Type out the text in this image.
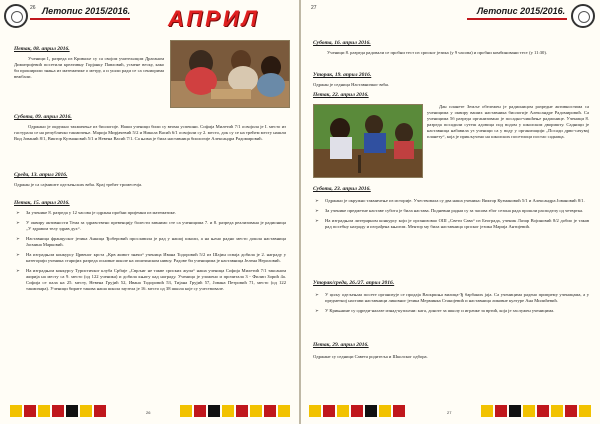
26 Летопис 2015/2016. АПРИЛ
Петак, 08. април 2016.
Ученици I₁ разреда из Криваље су са својом учитељицом Драганом Димитријевић посетили креативну Горјанку Павловић, усмене веску, како би проширили знања из математике о метру, а и ушли ради се са сениорима вежбали.
Субота, 09. април 2016.
Одржано је окружно такмичење из биологије. Наши ученици били су веома успешни. Софија Милетић 7/1 освојила је I. место из гастурала се на републичко такмичење. Марија Мирјачевић 5/2 и Никола Васић 6/1 освојили су 2. место, док су се на трећем месту нашли Вид Јованић 8/1, Виктор Кузмановић 5/1 и Невена Васић 7/1. Са њима је била наставница биологије Александра Радомировић.
Среда, 13. април 2016.
Одржан је са сајмиште одељењских већа. Крај трећег тромесечја.
Петак, 15. април 2016.
➢ За ученике 8. разреда у 12 часова је одржан пробни пријемни из математике.
➢ У оквиру активности Тема за здравствено превенцију болести завнимо сте са ученицима 7. и 8. разреда реализована је радионица „У здравом телу здрав дух“.
➢ Наставница француског језика Анкица Ђоберовић прославила је рад у нашој школи, а на њено радно место дошла наставница Јасмина Марковић.
➢ На изградњом конкурсу Црвеног крста „Крв живот значи“ ученица Ивана Тодоровић 5/2 из Шајин осваја добила је 2. награду у категорији ученика старијих разреда основне школе на општинском нивоу. Радове би ученицима је наставница Јелена Нероловић.
➢ На изградњом конкурсу Туристичког клуба Србије „Сврљиг не такве српских жупа“ наша ученица Софија Милетић 7/1 таксаном жирија на месту са 9. место (од 122 ученика) и добила књигу кад награду. Ученица је уложено и прочитала 3 - Филип Зорић 4а. Софија се пала на 25. месту, Невена Грујић 52, Ивана Тодоровић 53, Тијана Грујић 57, Јована Петровић 71, место (од 122 такмичара). Ученици бирате такова наша школа заузела је 16. место од 38 школа које су учествовале.
26
27	Летопис 2015/2016.
Субота, 16. април 2016.
Ученици 8. разреда радовали се пробни тест из српског језика (у 9 часова) и пробни комбиновани тест (у 11:30).
Уторак, 19. април 2016.
Одржан је седница Наставничког већа.
Петак, 22. април 2016.
Дан планете Земље обележен је радионицом разредне активностима са ученицима у оквиру ваших наставника биологије Александре Радомировић. Са ученицима 5б разреда организовано је посадно-чишћење радионице. Ученици 8. разреда посадили сутеш адовица под водом у школском дворишту. Садници је наставница набавила уз ученици са у воду у организацији „Посади дрво-сачувај планету“, која је прикључено на школских посетиоци постао садница.
Субота, 23. април 2016.
➢ Одржано је окружно такмичење из историје. Учествовала су два наша ученика: Виктор Кузмановић 5/1 и Александра Јовановић 8/1.
➢ За ученике предметне наставе субота је била настава. Подневни радни су за часова због сезона рада прошли расподелу од четвртка.
➢ На изградњом литерарном конкурсу који је организовао ОШ „Свети Сава“ из Београда, ученик Лазар Војиновић 8/2 добио је такав рад посебну награду и изграђена књигом. Ментор му била наставница српског језика Марија Антијевић.
Уторак/среда, 26./27. април 2016.
➢ У циљу одељењма посете организује се продаја Васкршња вилица-Ђ барбаних јаја. Са ученицима радено припрему ученицама, а у предметној настави наставници ликовног језика Мерминка Станојевић и наставница ликовне културе Ана Милићевић.
➢ У Крињнине су одреди-налазе изнад-купљени: кага, доноте за школу и играчке за вртић, која је заслужен ученицима.
Петак, 29. април 2016.
Одржане су седници Савета родитеља и Школског одбора.
27
